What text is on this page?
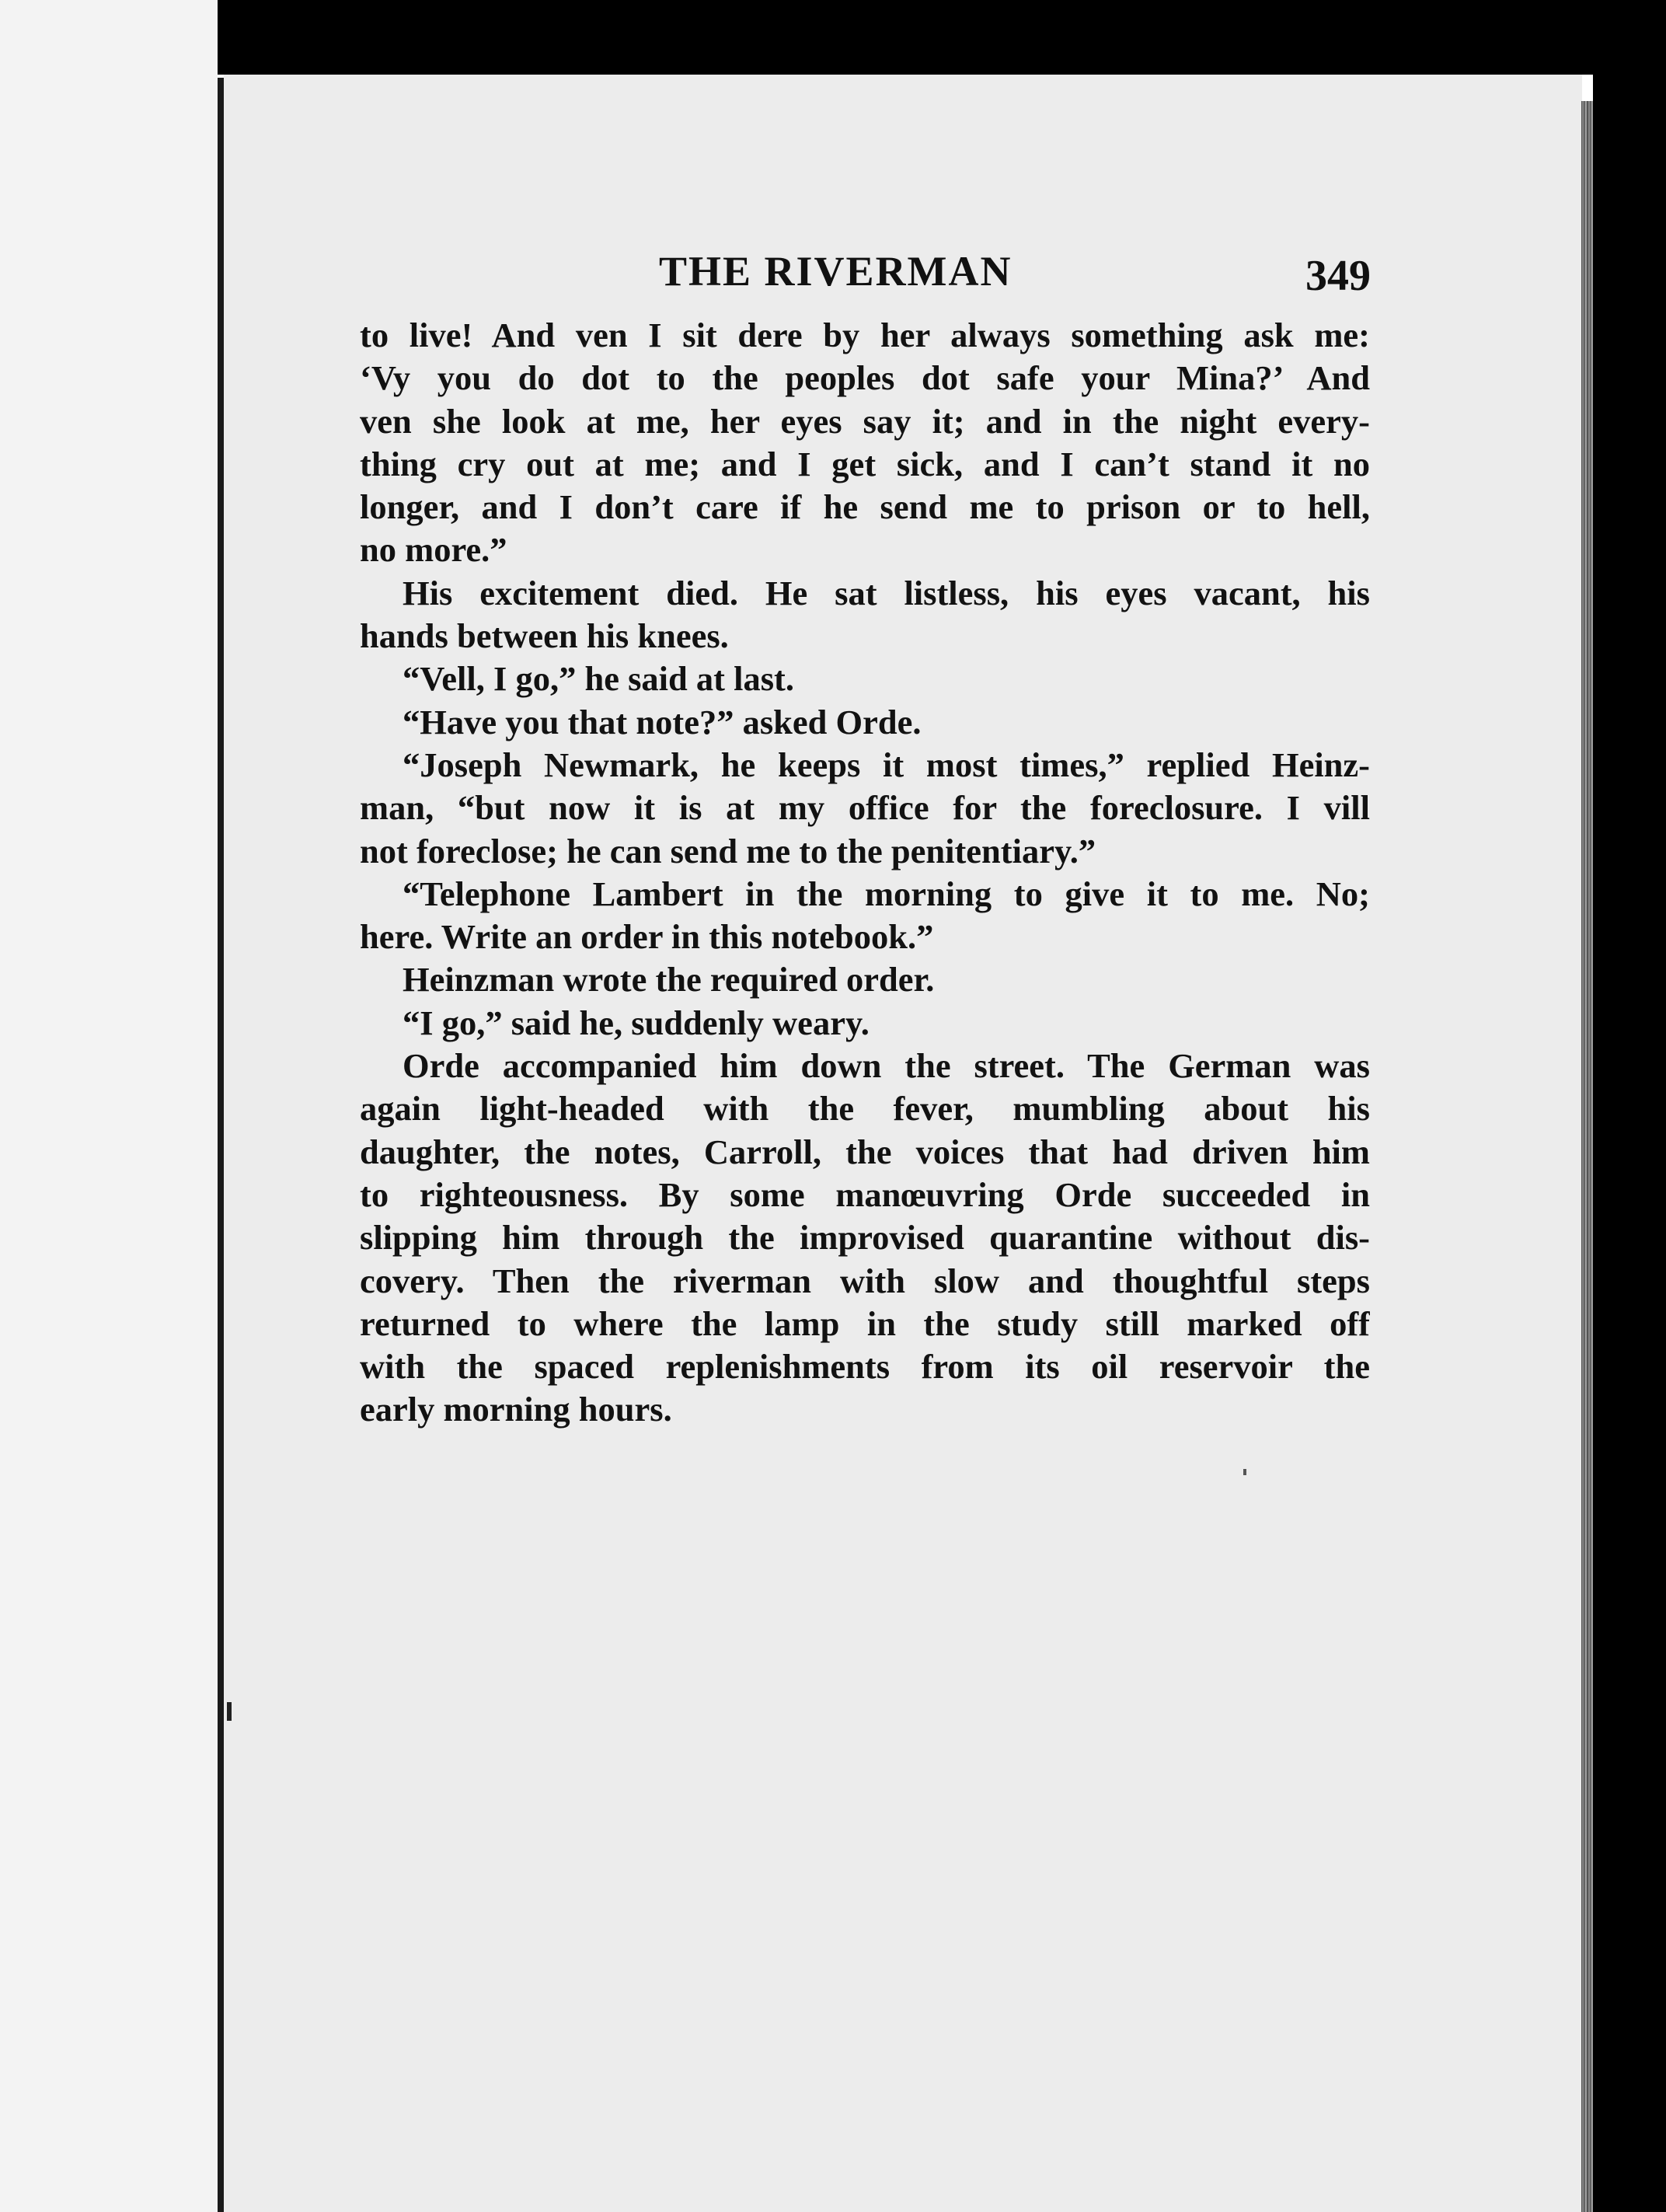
THE RIVERMAN	349
to live! And ven I sit dere by her always something ask me:
‘Vy you do dot to the peoples dot safe your Mina?’ And
ven she look at me, her eyes say it; and in the night every-
thing cry out at me; and I get sick, and I can’t stand it no
longer, and I don’t care if he send me to prison or to hell,
no more.”
His excitement died. He sat listless, his eyes vacant, his
hands between his knees.
“Vell, I go,” he said at last.
“Have you that note?” asked Orde.
“Joseph Newmark, he keeps it most times,” replied Heinz-
man, “but now it is at my office for the foreclosure. I vill
not foreclose; he can send me to the penitentiary.”
“Telephone Lambert in the morning to give it to me. No;
here. Write an order in this notebook.”
Heinzman wrote the required order.
“I go,” said he, suddenly weary.
Orde accompanied him down the street. The German was
again light-headed with the fever, mumbling about his
daughter, the notes, Carroll, the voices that had driven him
to righteousness. By some manœuvring Orde succeeded in
slipping him through the improvised quarantine without dis-
covery. Then the riverman with slow and thoughtful steps
returned to where the lamp in the study still marked off
with the spaced replenishments from its oil reservoir the
early morning hours.
